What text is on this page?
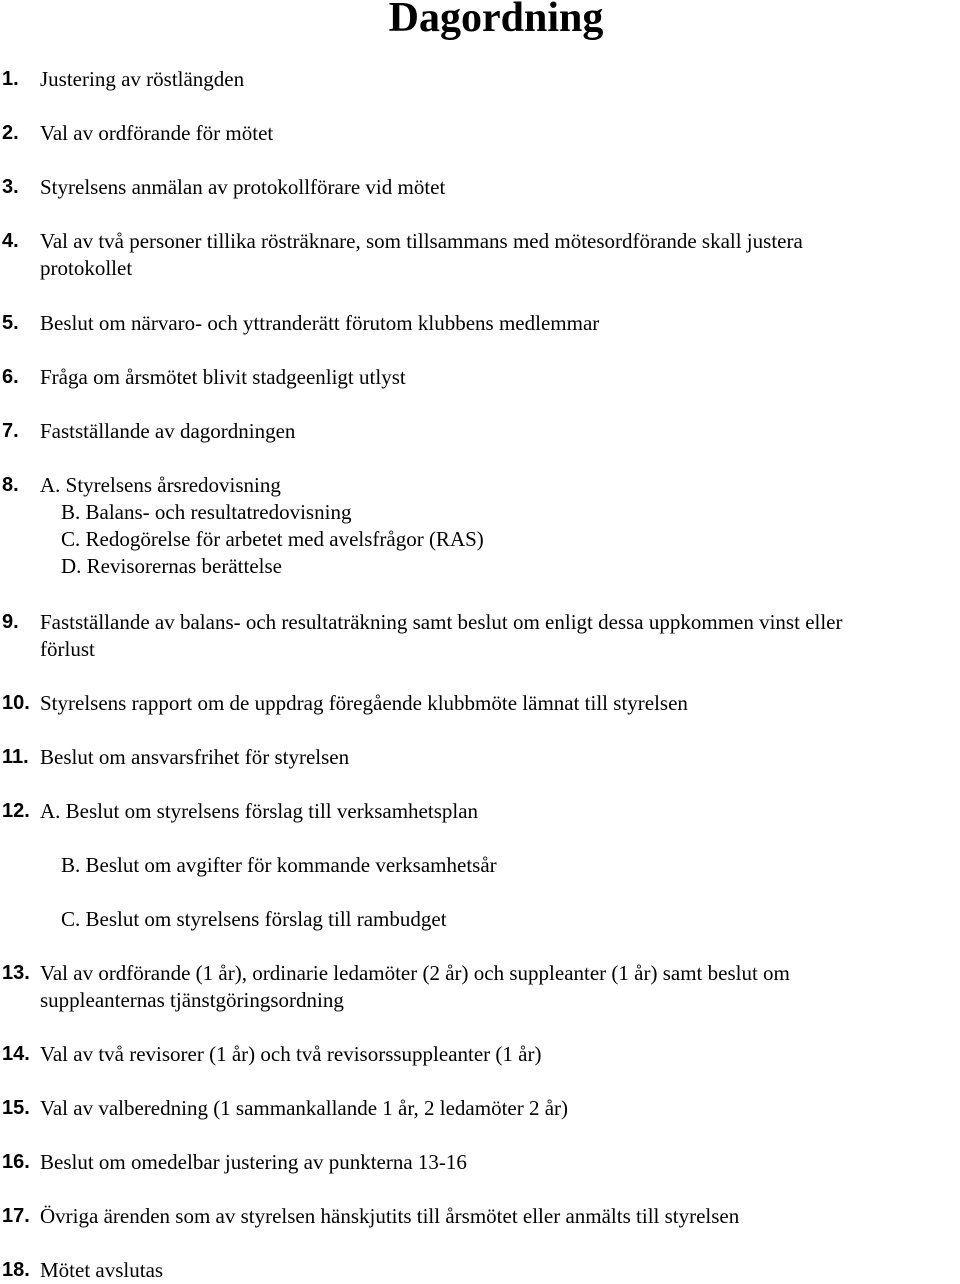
Dagordning
1. Justering av röstlängden
2. Val av ordförande för mötet
3. Styrelsens anmälan av protokollförare vid mötet
4. Val av två personer tillika rösträknare, som tillsammans med mötesordförande skall justera
protokollet
5. Beslut om närvaro- och yttranderätt förutom klubbens medlemmar
6. Fråga om årsmötet blivit stadgeenligt utlyst
7. Fastställande av dagordningen
8. A. Styrelsens årsredovisning
B. Balans- och resultatredovisning
C. Redogörelse för arbetet med avelsfrågor (RAS)
D. Revisorernas berättelse
9. Fastställande av balans- och resultaträkning samt beslut om enligt dessa uppkommen vinst eller
förlust
10. Styrelsens rapport om de uppdrag föregående klubbmöte lämnat till styrelsen
11. Beslut om ansvarsfrihet för styrelsen
12. A. Beslut om styrelsens förslag till verksamhetsplan
B. Beslut om avgifter för kommande verksamhetsår
C. Beslut om styrelsens förslag till rambudget
13. Val av ordförande (1 år), ordinarie ledamöter (2 år) och suppleanter (1 år) samt beslut om
suppleanternas tjänstgöringsordning
14. Val av två revisorer (1 år) och två revisorssuppleanter (1 år)
15. Val av valberedning (1 sammankallande 1 år, 2 ledamöter 2 år)
16. Beslut om omedelbar justering av punkterna 13-16
17. Övriga ärenden som av styrelsen hänskjutits till årsmötet eller anmälts till styrelsen
18. Mötet avslutas
